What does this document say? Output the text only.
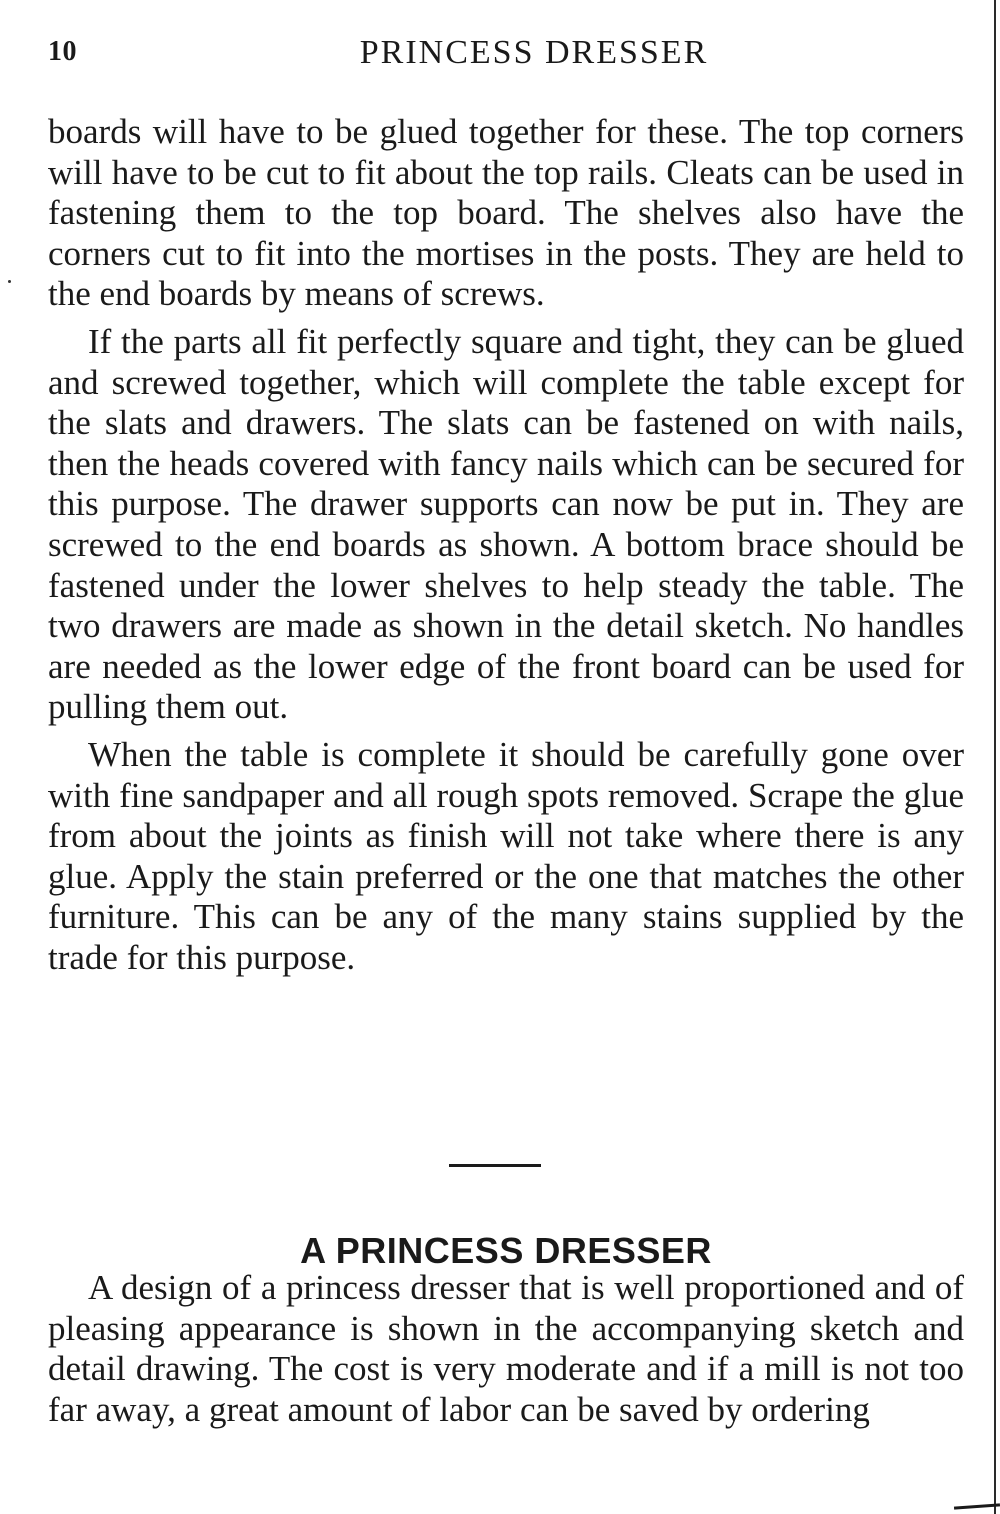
10	PRINCESS DRESSER

boards will have to be glued together for these. The top corners will have to be cut to fit about the top rails. Cleats can be used in fastening them to the top board. The shelves also have the corners cut to fit into the mortises in the posts. They are held to the end boards by means of screws.

If the parts all fit perfectly square and tight, they can be glued and screwed together, which will complete the table except for the slats and drawers. The slats can be fastened on with nails, then the heads covered with fancy nails which can be secured for this purpose. The drawer supports can now be put in. They are screwed to the end boards as shown. A bottom brace should be fastened under the lower shelves to help steady the table. The two drawers are made as shown in the detail sketch. No handles are needed as the lower edge of the front board can be used for pulling them out.

When the table is complete it should be carefully gone over with fine sandpaper and all rough spots removed. Scrape the glue from about the joints as finish will not take where there is any glue. Apply the stain preferred or the one that matches the other furniture. This can be any of the many stains supplied by the trade for this purpose.

A PRINCESS DRESSER

A design of a princess dresser that is well proportioned and of pleasing appearance is shown in the accompanying sketch and detail drawing. The cost is very moderate and if a mill is not too far away, a great amount of labor can be saved by ordering
